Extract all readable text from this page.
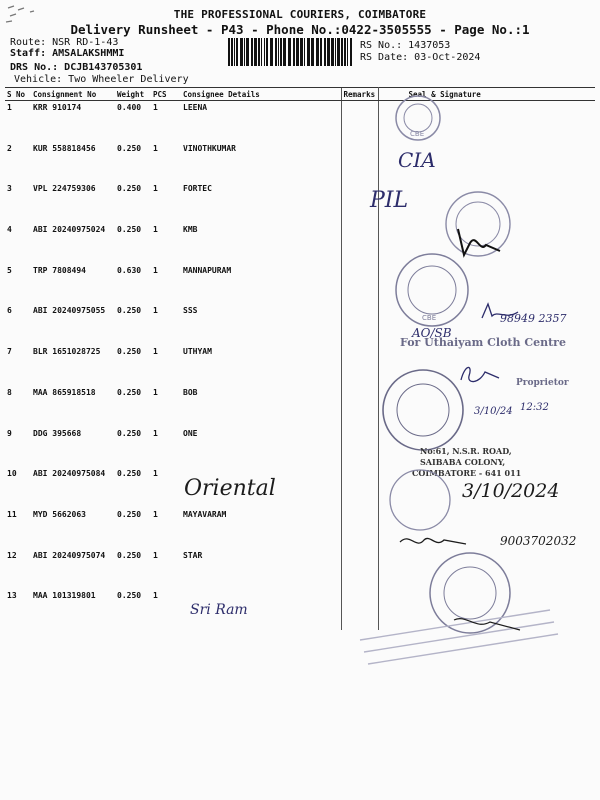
THE PROFESSIONAL COURIERS, COIMBATORE
Delivery Runsheet - P43 - Phone No.:0422-3505555 - Page No.:1
Route: NSR RD-1-43
Staff: AMSALAKSHMMI
DRS No.: DCJB143705301
Vehicle: Two Wheeler Delivery
RS No.: 1437053
RS Date: 03-Oct-2024
S No	Consignment No	Weight	PCS	Consignee Details	Remarks	Seal & Signature
1	KRR 910174	0.400	1	LEENA		
2	KUR 558818456	0.250	1	VINOTHKUMAR		
3	VPL 224759306	0.250	1	FORTEC		
4	ABI 20240975024	0.250	1	KMB		
5	TRP 7808494	0.630	1	MANNAPURAM		
6	ABI 20240975055	0.250	1	SSS		
7	BLR 1651028725	0.250	1	UTHYAM		
8	MAA 865918518	0.250	1	BOB		
9	DDG 395668	0.250	1	ONE		
10	ABI 20240975084	0.250	1			
11	MYD 5662063	0.250	1	MAYAVARAM		
12	ABI 20240975074	0.250	1	STAR		
13	MAA 101319801	0.250	1			
CBE
CIA
PIL
CBE
AO/SB
98949 2357
For Uthaiyam Cloth Centre
Proprietor
3/10/24 12:32
No:61, N.S.R. ROAD,
SAIBABA COLONY,
COIMBATORE - 641 011
Oriental	3/10/2024
9003702032
Sri Ram
